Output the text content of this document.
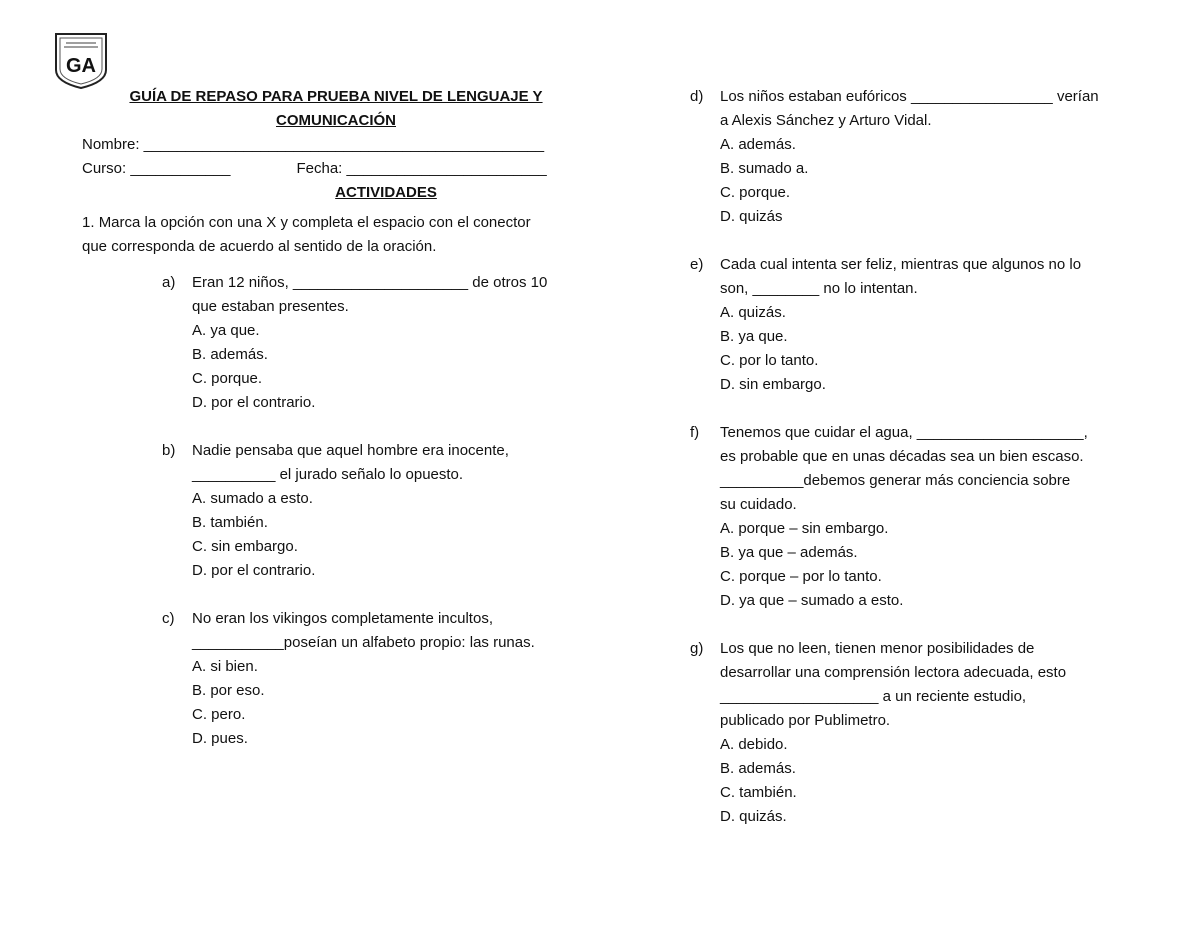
GA
GUÍA DE REPASO PARA PRUEBA NIVEL DE LENGUAJE Y
COMUNICACIÓN
Nombre: ________________________________________________
Curso: ____________	Fecha: ________________________
ACTIVIDADES
1. Marca la opción con una X y completa el espacio con el conector
que corresponda de acuerdo al sentido de la oración.
a) Eran 12 niños, _____________________ de otros 10
que estaban presentes.
A. ya que.
B. además.
C. porque.
D. por el contrario.
b) Nadie pensaba que aquel hombre era inocente,
__________ el jurado señalo lo opuesto.
A. sumado a esto.
B. también.
C. sin embargo.
D. por el contrario.
c) No eran los vikingos completamente incultos,
___________poseían un alfabeto propio: las runas.
A. si bien.
B. por eso.
C. pero.
D. pues.
d) Los niños estaban eufóricos _________________ verían
a Alexis Sánchez y Arturo Vidal.
A. además.
B. sumado a.
C. porque.
D. quizás
e) Cada cual intenta ser feliz, mientras que algunos no lo
son, ________ no lo intentan.
A. quizás.
B. ya que.
C. por lo tanto.
D. sin embargo.
f) Tenemos que cuidar el agua, ____________________,
es probable que en unas décadas sea un bien escaso.
__________debemos generar más conciencia sobre
su cuidado.
A. porque – sin embargo.
B. ya que – además.
C. porque – por lo tanto.
D. ya que – sumado a esto.
g) Los que no leen, tienen menor posibilidades de
desarrollar una comprensión lectora adecuada, esto
___________________ a un reciente estudio,
publicado por Publimetro.
A. debido.
B. además.
C. también.
D. quizás.
